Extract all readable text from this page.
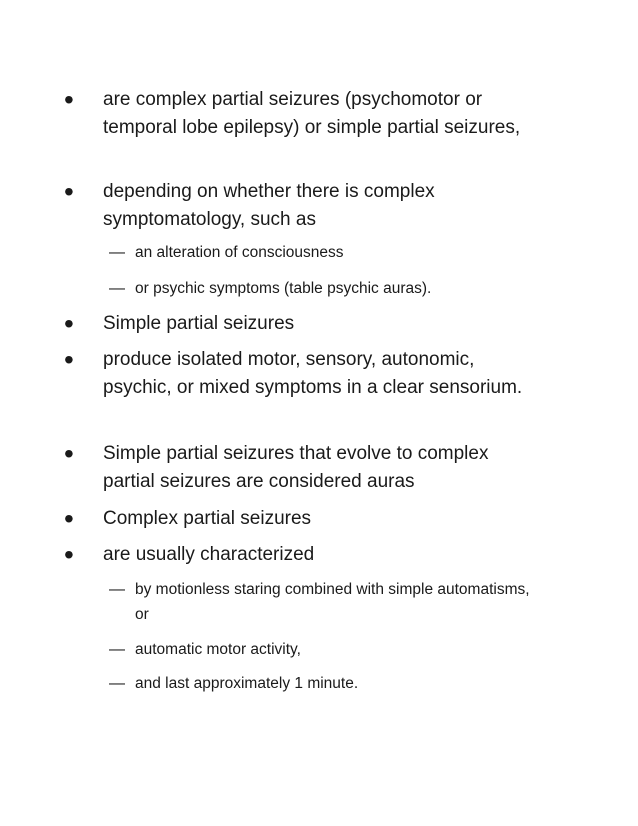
• are complex partial seizures (psychomotor or temporal lobe epilepsy) or simple partial seizures,
• depending on whether there is complex symptomatology, such as
— an alteration of consciousness
— or psychic symptoms (table psychic auras).
• Simple partial seizures
• produce isolated motor, sensory, autonomic, psychic, or mixed symptoms in a clear sensorium.
• Simple partial seizures that evolve to complex partial seizures are considered auras
• Complex partial seizures
• are usually characterized
— by motionless staring combined with simple automatisms, or
— automatic motor activity,
— and last approximately 1 minute.
